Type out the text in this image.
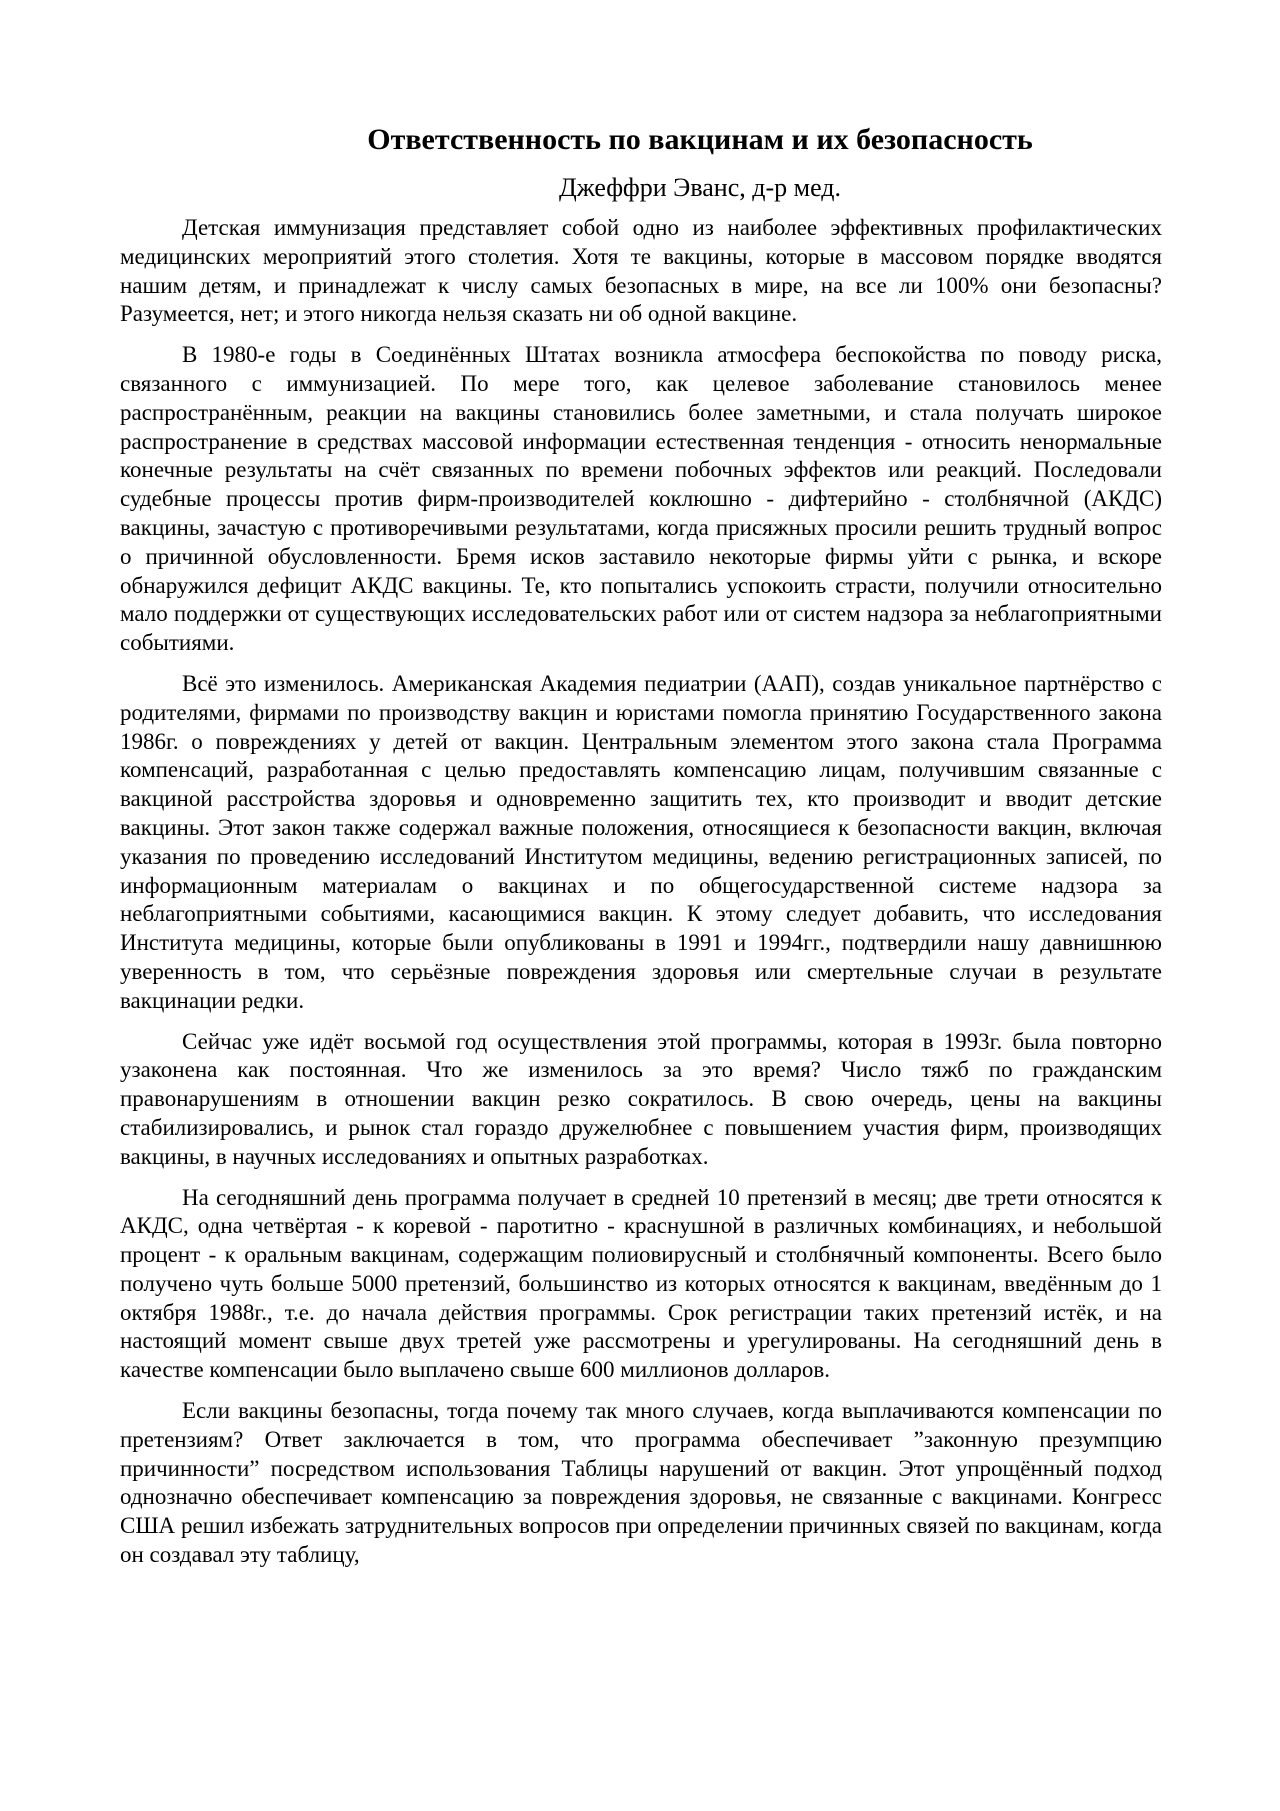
Ответственность по вакцинам и их безопасность
Джеффри Эванс, д-р мед.

Детская иммунизация представляет собой одно из наиболее эффективных профилактических медицинских мероприятий этого столетия. Хотя те вакцины, которые в массовом порядке вводятся нашим детям, и принадлежат к числу самых безопасных в мире, на все ли 100% они безопасны? Разумеется, нет; и этого никогда нельзя сказать ни об одной вакцине.

В 1980-е годы в Соединённых Штатах возникла атмосфера беспокойства по поводу риска, связанного с иммунизацией. По мере того, как целевое заболевание становилось менее распространённым, реакции на вакцины становились более заметными, и стала получать широкое распространение в средствах массовой информации естественная тенденция - относить ненормальные конечные результаты на счёт связанных по времени побочных эффектов или реакций. Последовали судебные процессы против фирм-производителей коклюшно - дифтерийно - столбнячной (АКДС) вакцины, зачастую с противоречивыми результатами, когда присяжных просили решить трудный вопрос о причинной обусловленности. Бремя исков заставило некоторые фирмы уйти с рынка, и вскоре обнаружился дефицит АКДС вакцины. Те, кто попытались успокоить страсти, получили относительно мало поддержки от существующих исследовательских работ или от систем надзора за неблагоприятными событиями.

Всё это изменилось. Американская Академия педиатрии (ААП), создав уникальное партнёрство с родителями, фирмами по производству вакцин и юристами помогла принятию Государственного закона 1986г. о повреждениях у детей от вакцин. Центральным элементом этого закона стала Программа компенсаций, разработанная с целью предоставлять компенсацию лицам, получившим связанные с вакциной расстройства здоровья и одновременно защитить тех, кто производит и вводит детские вакцины. Этот закон также содержал важные положения, относящиеся к безопасности вакцин, включая указания по проведению исследований Институтом медицины, ведению регистрационных записей, по информационным материалам о вакцинах и по общегосударственной системе надзора за неблагоприятными событиями, касающимися вакцин. К этому следует добавить, что исследования Института медицины, которые были опубликованы в 1991 и 1994гг., подтвердили нашу давнишнюю уверенность в том, что серьёзные повреждения здоровья или смертельные случаи в результате вакцинации редки.

Сейчас уже идёт восьмой год осуществления этой программы, которая в 1993г. была повторно узаконена как постоянная. Что же изменилось за это время? Число тяжб по гражданским правонарушениям в отношении вакцин резко сократилось. В свою очередь, цены на вакцины стабилизировались, и рынок стал гораздо дружелюбнее с повышением участия фирм, производящих вакцины, в научных исследованиях и опытных разработках.

На сегодняшний день программа получает в средней 10 претензий в месяц; две трети относятся к АКДС, одна четвёртая - к коревой - паротитно - краснушной в различных комбинациях, и небольшой процент - к оральным вакцинам, содержащим полиовирусный и столбнячный компоненты. Всего было получено чуть больше 5000 претензий, большинство из которых относятся к вакцинам, введённым до 1 октября 1988г., т.е. до начала действия программы. Срок регистрации таких претензий истёк, и на настоящий момент свыше двух третей уже рассмотрены и урегулированы. На сегодняшний день в качестве компенсации было выплачено свыше 600 миллионов долларов.

Если вакцины безопасны, тогда почему так много случаев, когда выплачиваются компенсации по претензиям? Ответ заключается в том, что программа обеспечивает ”законную презумпцию причинности” посредством использования Таблицы нарушений от вакцин. Этот упрощённый подход однозначно обеспечивает компенсацию за повреждения здоровья, не связанные с вакцинами. Конгресс США решил избежать затруднительных вопросов при определении причинных связей по вакцинам, когда он создавал эту таблицу,
